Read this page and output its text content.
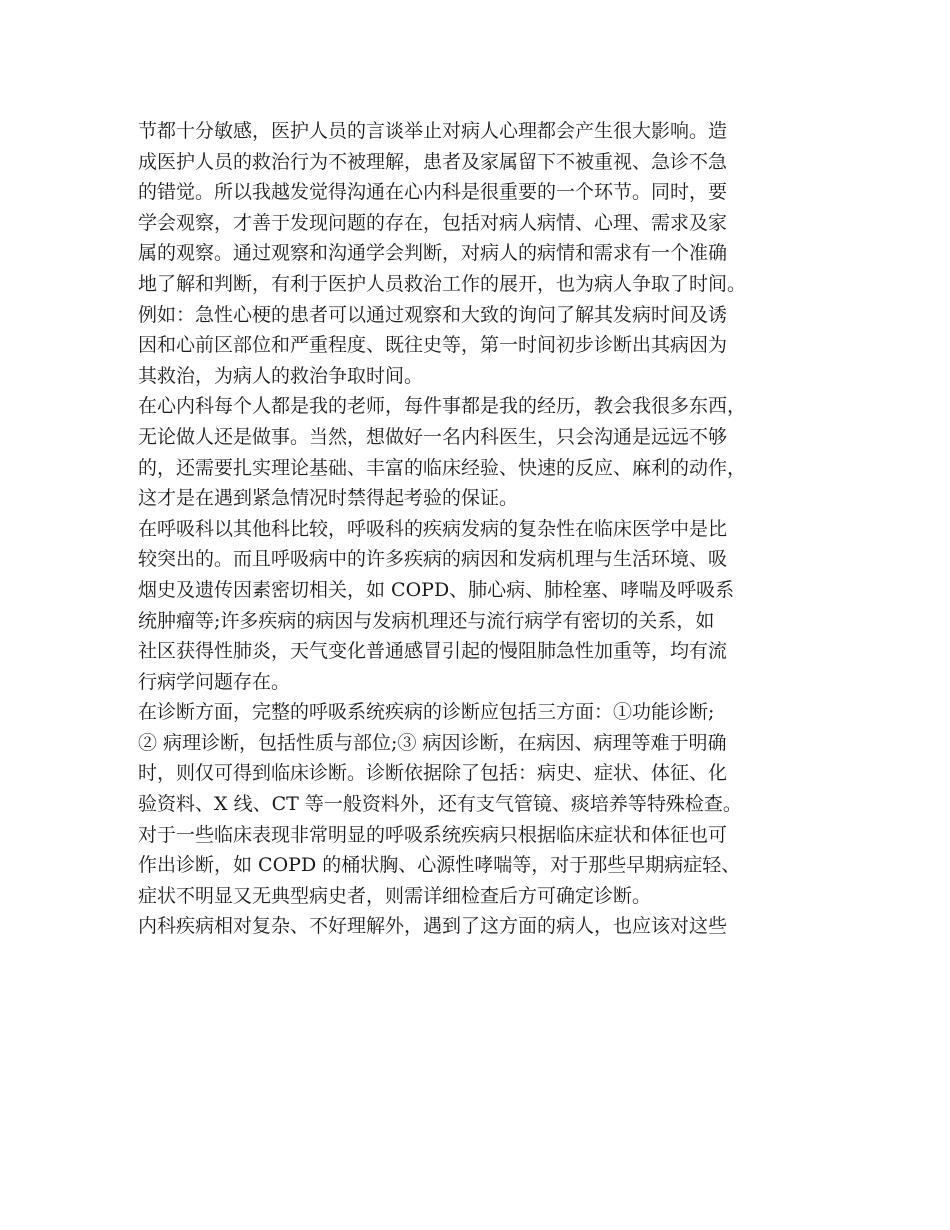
节都十分敏感，医护人员的言谈举止对病人心理都会产生很大影响。造
成医护人员的救治行为不被理解，患者及家属留下不被重视、急诊不急
的错觉。所以我越发觉得沟通在心内科是很重要的一个环节。同时，要
学会观察，才善于发现问题的存在，包括对病人病情、心理、需求及家
属的观察。通过观察和沟通学会判断，对病人的病情和需求有一个准确
地了解和判断，有利于医护人员救治工作的展开，也为病人争取了时间。
例如：急性心梗的患者可以通过观察和大致的询问了解其发病时间及诱
因和心前区部位和严重程度、既往史等，第一时间初步诊断出其病因为
其救治，为病人的救治争取时间。
在心内科每个人都是我的老师，每件事都是我的经历，教会我很多东西，
无论做人还是做事。当然，想做好一名内科医生，只会沟通是远远不够
的，还需要扎实理论基础、丰富的临床经验、快速的反应、麻利的动作，
这才是在遇到紧急情况时禁得起考验的保证。
在呼吸科以其他科比较，呼吸科的疾病发病的复杂性在临床医学中是比
较突出的。而且呼吸病中的许多疾病的病因和发病机理与生活环境、吸
烟史及遗传因素密切相关，如 COPD、肺心病、肺栓塞、哮喘及呼吸系
统肿瘤等;许多疾病的病因与发病机理还与流行病学有密切的关系，如
社区获得性肺炎，天气变化普通感冒引起的慢阻肺急性加重等，均有流
行病学问题存在。
在诊断方面，完整的呼吸系统疾病的诊断应包括三方面：①功能诊断;
② 病理诊断，包括性质与部位;③ 病因诊断，在病因、病理等难于明确
时，则仅可得到临床诊断。诊断依据除了包括：病史、症状、体征、化
验资料、X 线、CT 等一般资料外，还有支气管镜、痰培养等特殊检查。
对于一些临床表现非常明显的呼吸系统疾病只根据临床症状和体征也可
作出诊断，如 COPD 的桶状胸、心源性哮喘等，对于那些早期病症轻、
症状不明显又无典型病史者，则需详细检查后方可确定诊断。
内科疾病相对复杂、不好理解外，遇到了这方面的病人，也应该对这些
